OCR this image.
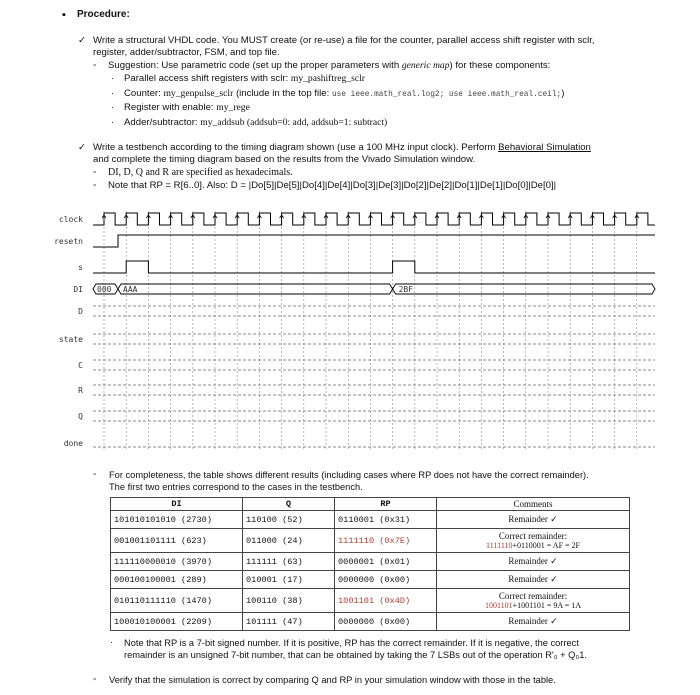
▪ Procedure:
✓ Write a structural VHDL code. You MUST create (or re-use) a file for the counter, parallel access shift register with sclr,
register, adder/subtractor, FSM, and top file.
◦ Suggestion: Use parametric code (set up the proper parameters with generic map) for these components:
· Parallel access shift registers with sclr: my_pashiftreg_sclr
· Counter: my_genpulse_sclr (include in the top file: use ieee.math_real.log2; use ieee.math_real.ceil;)
· Register with enable: my_rege
· Adder/subtractor: my_addsub (addsub=0: add, addsub=1: subtract)
✓ Write a testbench according to the timing diagram shown (use a 100 MHz input clock). Perform Behavioral Simulation
and complete the timing diagram based on the results from the Vivado Simulation window.
◦ DI, D, Q and R are specified as hexadecimals.
◦ Note that RP = R[6..0]. Also: D = |Do[5]|De[5]|Do[4]|De[4]|Do[3]|De[3]|Do[2]|De[2]|Do[1]|De[1]|Do[0]|De[0]|
clock
resetn
s
DI
D
state
C
R
Q
done
000 AAA	2BF
◦ For completeness, the table shows different results (including cases where RP does not have the correct remainder).
The first two entries correspond to the cases in the testbench.
DI	Q	RP	Comments
101010101010 (2730)	110100 (52)	0110001 (0x31)	Remainder ✓
001001101111 (623)	011000 (24)	1111110 (0x7E)	Correct remainder:
1111110+0110001 = AF = 2F

111110000010 (3970)	111111 (63)	0000001 (0x01)	Remainder ✓
000100100001 (289)	010001 (17)	0000000 (0x00)	Remainder ✓
010110111110 (1470)	100110 (38)	1001101 (0x4D)	Correct remainder:
1001101+1001101 = 9A = 1A

100010100001 (2209)	101111 (47)	0000000 (0x00)	Remainder ✓
· Note that RP is a 7-bit signed number. If it is positive, RP has the correct remainder. If it is negative, the correct
remainder is an unsigned 7-bit number, that can be obtained by taking the 7 LSBs out of the operation R'₀ + Q₀1.
◦ Verify that the simulation is correct by comparing Q and RP in your simulation window with those in the table.
